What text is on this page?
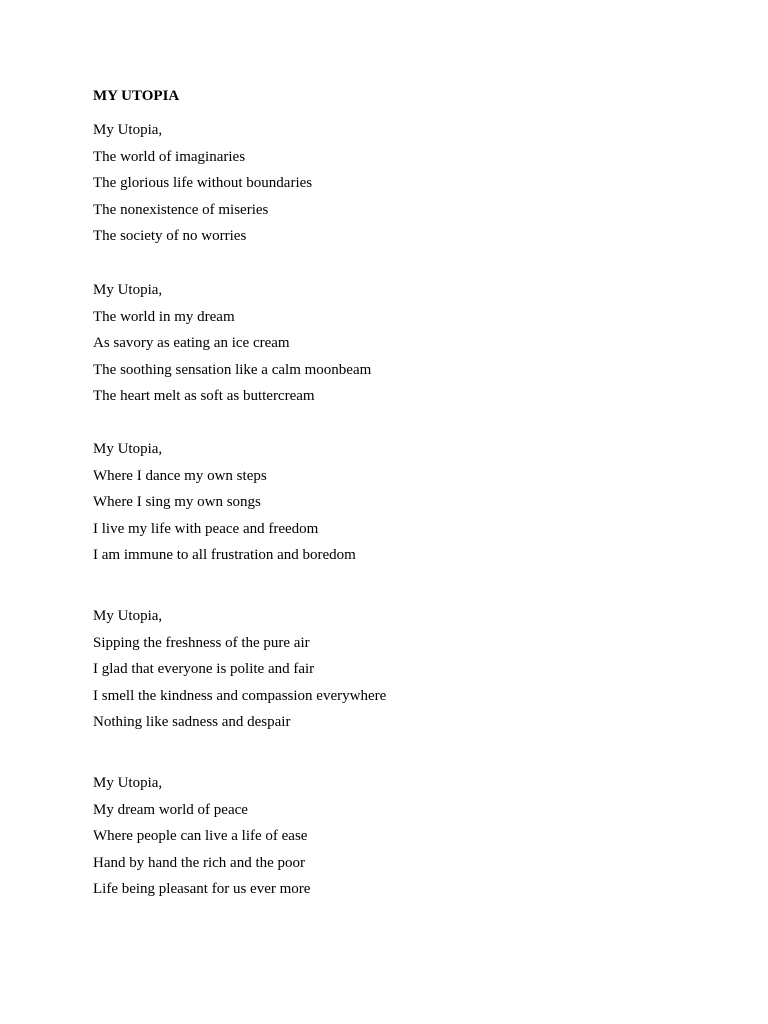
MY UTOPIA
My Utopia,
The world of imaginaries
The glorious life without boundaries
The nonexistence of miseries
The society of no worries
My Utopia,
The world in my dream
As savory as eating an ice cream
The soothing sensation like a calm moonbeam
The heart melt as soft as buttercream
My Utopia,
Where I dance my own steps
Where I sing my own songs
I live my life with peace and freedom
I am immune to all frustration and boredom
My Utopia,
Sipping the freshness of the pure air
I glad that everyone is polite and fair
I smell the kindness and compassion everywhere
Nothing like sadness and despair
My Utopia,
My dream world of peace
Where people can live a life of ease
Hand by hand the rich and the poor
Life being pleasant for us ever more
